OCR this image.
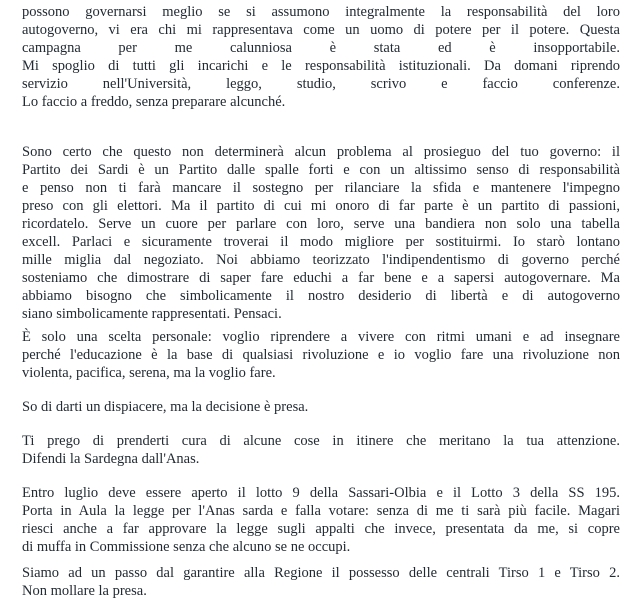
possono governarsi meglio se si assumono integralmente la responsabilità del loro
autogoverno, vi era chi mi rappresentava come un uomo di potere per il potere. Questa
campagna per me calunniosa è stata ed è insopportabile.
Mi spoglio di tutti gli incarichi e le responsabilità istituzionali. Da domani riprendo
servizio nell'Università, leggo, studio, scrivo e faccio conferenze.
Lo faccio a freddo, senza preparare alcunché.
Sono certo che questo non determinerà alcun problema al prosieguo del tuo governo: il
Partito dei Sardi è un Partito dalle spalle forti e con un altissimo senso di responsabilità
e penso non ti farà mancare il sostegno per rilanciare la sfida e mantenere l'impegno
preso con gli elettori. Ma il partito di cui mi onoro di far parte è un partito di passioni,
ricordatelo. Serve un cuore per parlare con loro, serve una bandiera non solo una tabella
excell. Parlaci e sicuramente troverai il modo migliore per sostituirmi. Io starò lontano
mille miglia dal negoziato. Noi abbiamo teorizzato l'indipendentismo di governo perché
sosteniamo che dimostrare di saper fare educhi a far bene e a sapersi autogovernare. Ma
abbiamo bisogno che simbolicamente il nostro desiderio di libertà e di autogoverno
siano simbolicamente rappresentati. Pensaci.
È solo una scelta personale: voglio riprendere a vivere con ritmi umani e ad insegnare
perché l'educazione è la base di qualsiasi rivoluzione e io voglio fare una rivoluzione non
violenta, pacifica, serena, ma la voglio fare.
So di darti un dispiacere, ma la decisione è presa.
Ti prego di prenderti cura di alcune cose in itinere che meritano la tua attenzione.
Difendi la Sardegna dall'Anas.
Entro luglio deve essere aperto il lotto 9 della Sassari-Olbia e il Lotto 3 della SS 195.
Porta in Aula la legge per l'Anas sarda e falla votare: senza di me ti sarà più facile. Magari
riesci anche a far approvare la legge sugli appalti che invece, presentata da me, si copre
di muffa in Commissione senza che alcuno se ne occupi.
Siamo ad un passo dal garantire alla Regione il possesso delle centrali Tirso 1 e Tirso 2.
Non mollare la presa.
